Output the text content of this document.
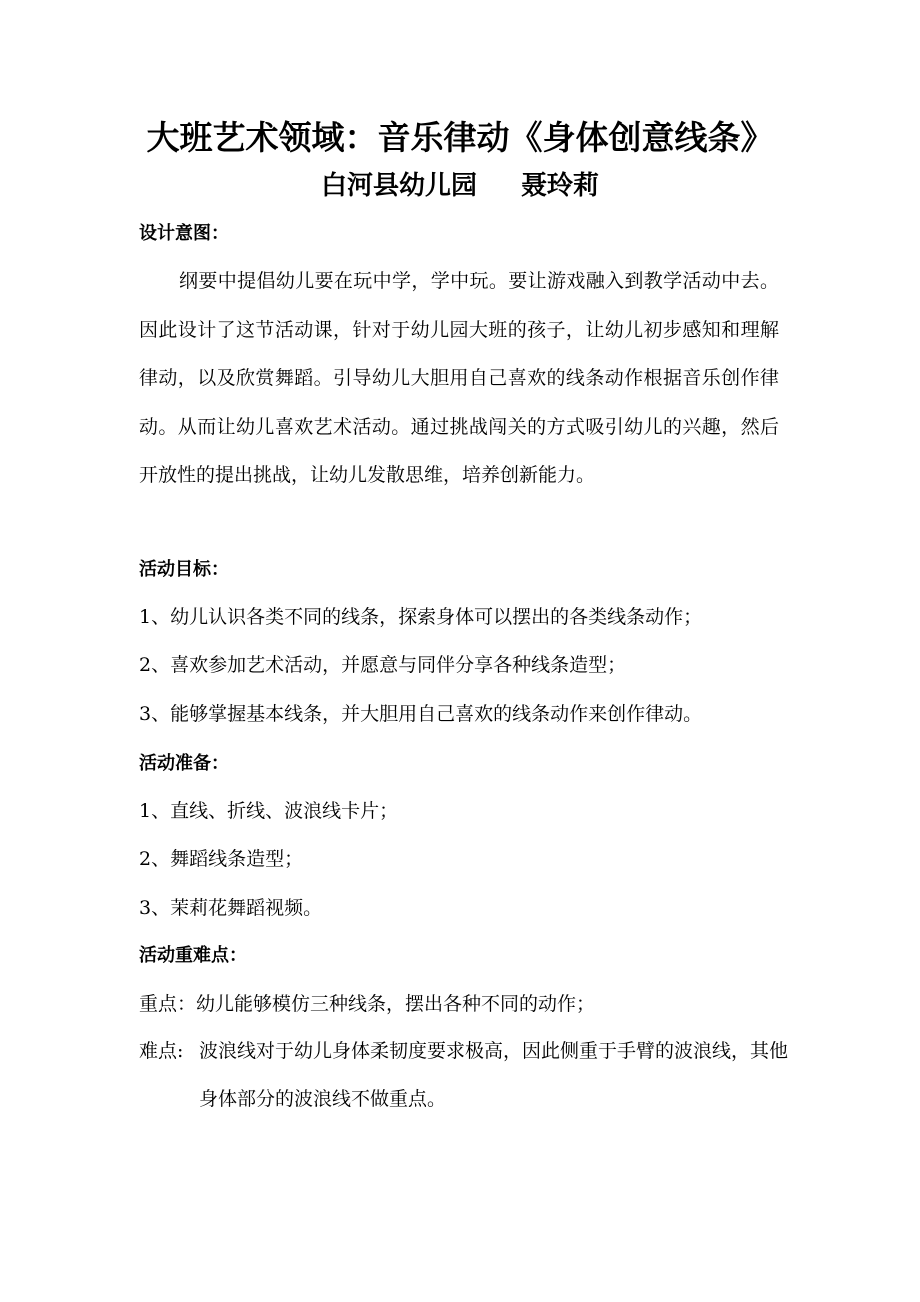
大班艺术领域：音乐律动《身体创意线条》
白河县幼儿园 聂玲莉
设计意图：
纲要中提倡幼儿要在玩中学，学中玩。要让游戏融入到教学活动中去。因此设计了这节活动课，针对于幼儿园大班的孩子，让幼儿初步感知和理解律动，以及欣赏舞蹈。引导幼儿大胆用自己喜欢的线条动作根据音乐创作律动。从而让幼儿喜欢艺术活动。通过挑战闯关的方式吸引幼儿的兴趣，然后开放性的提出挑战，让幼儿发散思维，培养创新能力。
活动目标：
1、幼儿认识各类不同的线条，探索身体可以摆出的各类线条动作；
2、喜欢参加艺术活动，并愿意与同伴分享各种线条造型；
3、能够掌握基本线条，并大胆用自己喜欢的线条动作来创作律动。
活动准备：
1、直线、折线、波浪线卡片；
2、舞蹈线条造型；
3、茉莉花舞蹈视频。
活动重难点：
重点：幼儿能够模仿三种线条，摆出各种不同的动作；
难点: 波浪线对于幼儿身体柔韧度要求极高，因此侧重于手臂的波浪线，其他身体部分的波浪线不做重点。
